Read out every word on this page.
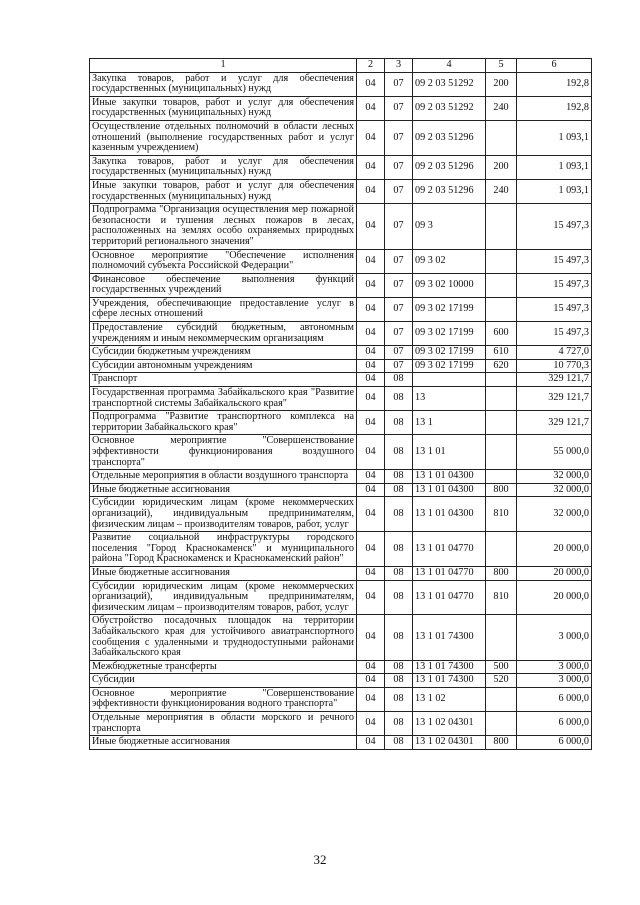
1	2	3	4	5	6
Закупка товаров, работ и услуг для обеспечения государственных (муниципальных) нужд	04	07	09 2 03 51292	200	192,8
Иные закупки товаров, работ и услуг для обеспечения государственных (муниципальных) нужд	04	07	09 2 03 51292	240	192,8
Осуществление отдельных полномочий в области лесных отношений (выполнение государственных работ и услуг казенным учреждением)	04	07	09 2 03 51296		1 093,1
Закупка товаров, работ и услуг для обеспечения государственных (муниципальных) нужд	04	07	09 2 03 51296	200	1 093,1
Иные закупки товаров, работ и услуг для обеспечения государственных (муниципальных) нужд	04	07	09 2 03 51296	240	1 093,1
Подпрограмма "Организация осуществления мер пожарной безопасности и тушения лесных пожаров в лесах, расположенных на землях особо охраняемых природных территорий регионального значения"	04	07	09 3		15 497,3
Основное мероприятие "Обеспечение исполнения полномочий субъекта Российской Федерации"	04	07	09 3 02		15 497,3
Финансовое обеспечение выполнения функций государственных учреждений	04	07	09 3 02 10000		15 497,3
Учреждения, обеспечивающие предоставление услуг в сфере лесных отношений	04	07	09 3 02 17199		15 497,3
Предоставление субсидий бюджетным, автономным учреждениям и иным некоммерческим организациям	04	07	09 3 02 17199	600	15 497,3
Субсидии бюджетным учреждениям	04	07	09 3 02 17199	610	4 727,0
Субсидии автономным учреждениям	04	07	09 3 02 17199	620	10 770,3
Транспорт	04	08			329 121,7
Государственная программа Забайкальского края "Развитие транспортной системы Забайкальского края"	04	08	13		329 121,7
Подпрограмма "Развитие транспортного комплекса на территории Забайкальского края"	04	08	13 1		329 121,7
Основное мероприятие "Совершенствование эффективности функционирования воздушного транспорта"	04	08	13 1 01		55 000,0
Отдельные мероприятия в области воздушного транспорта	04	08	13 1 01 04300		32 000,0
Иные бюджетные ассигнования	04	08	13 1 01 04300	800	32 000,0
Субсидии юридическим лицам (кроме некоммерческих организаций), индивидуальным предпринимателям, физическим лицам – производителям товаров, работ, услуг	04	08	13 1 01 04300	810	32 000,0
Развитие социальной инфраструктуры городского поселения "Город Краснокаменск" и муниципального района "Город Краснокаменск и Краснокаменский район"	04	08	13 1 01 04770		20 000,0
Иные бюджетные ассигнования	04	08	13 1 01 04770	800	20 000,0
Субсидии юридическим лицам (кроме некоммерческих организаций), индивидуальным предпринимателям, физическим лицам – производителям товаров, работ, услуг	04	08	13 1 01 04770	810	20 000,0
Обустройство посадочных площадок на территории Забайкальского края для устойчивого авиатранспортного сообщения с удаленными и труднодоступными районами Забайкальского края	04	08	13 1 01 74300		3 000,0
Межбюджетные трансферты	04	08	13 1 01 74300	500	3 000,0
Субсидии	04	08	13 1 01 74300	520	3 000,0
Основное мероприятие "Совершенствование эффективности функционирования водного транспорта"	04	08	13 1 02		6 000,0
Отдельные мероприятия в области морского и речного транспорта	04	08	13 1 02 04301		6 000,0
Иные бюджетные ассигнования	04	08	13 1 02 04301	800	6 000,0
32
